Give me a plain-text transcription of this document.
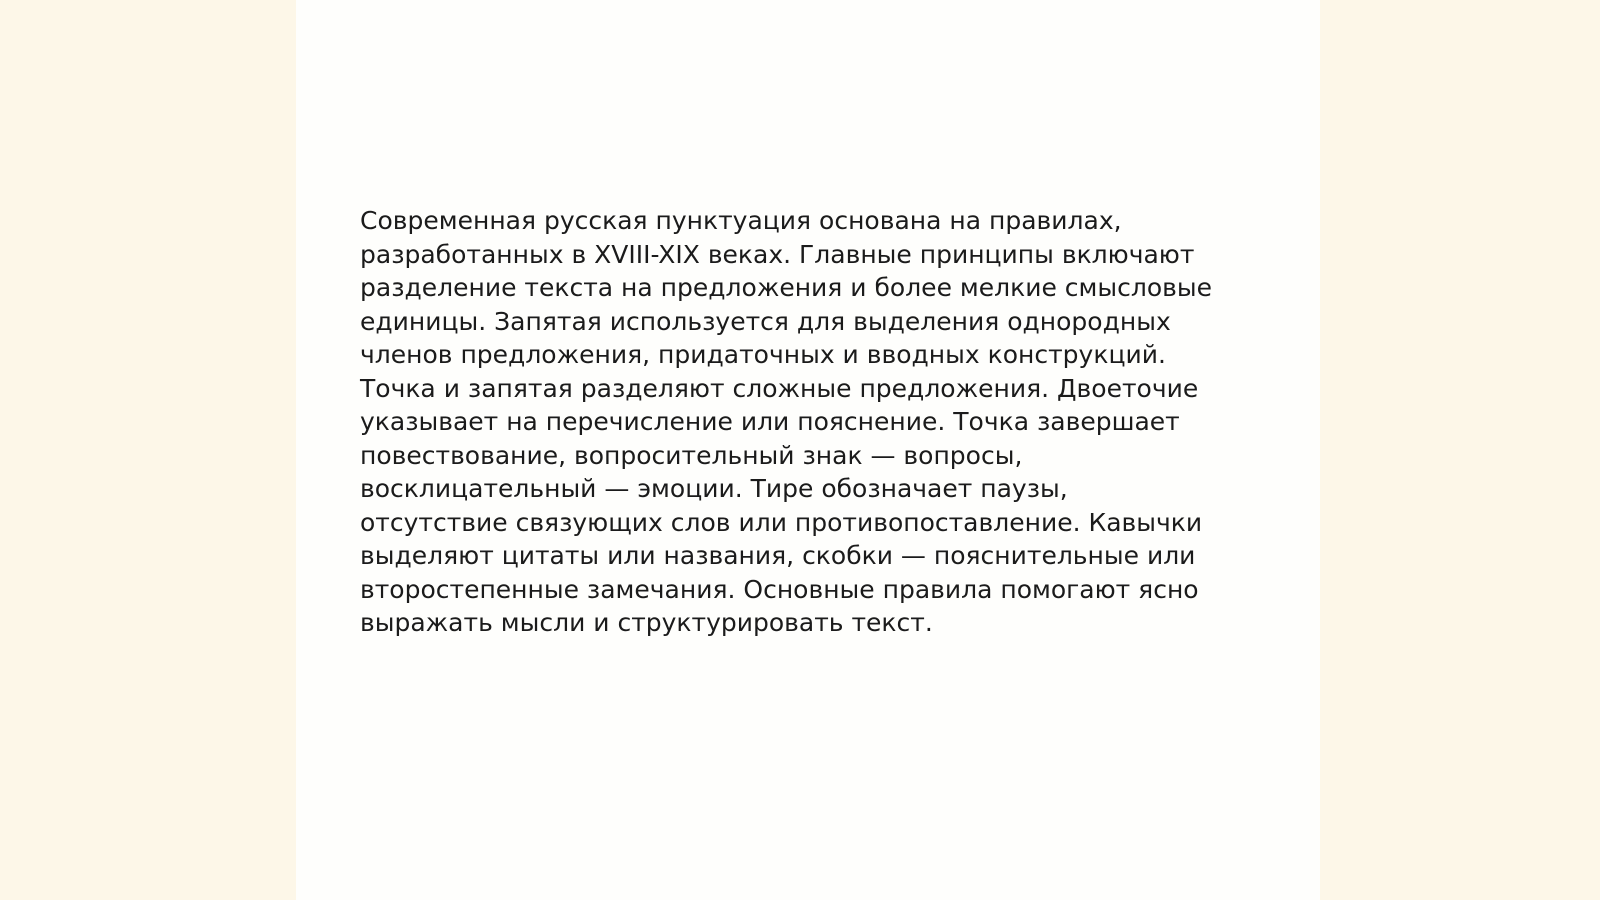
Современная русская пунктуация основана на правилах,
разработанных в XVIII-XIX веках. Главные принципы включают
разделение текста на предложения и более мелкие смысловые
единицы. Запятая используется для выделения однородных
членов предложения, придаточных и вводных конструкций.
Точка и запятая разделяют сложные предложения. Двоеточие
указывает на перечисление или пояснение. Точка завершает
повествование, вопросительный знак — вопросы,
восклицательный — эмоции. Тире обозначает паузы,
отсутствие связующих слов или противопоставление. Кавычки
выделяют цитаты или названия, скобки — пояснительные или
второстепенные замечания. Основные правила помогают ясно
выражать мысли и структурировать текст.
